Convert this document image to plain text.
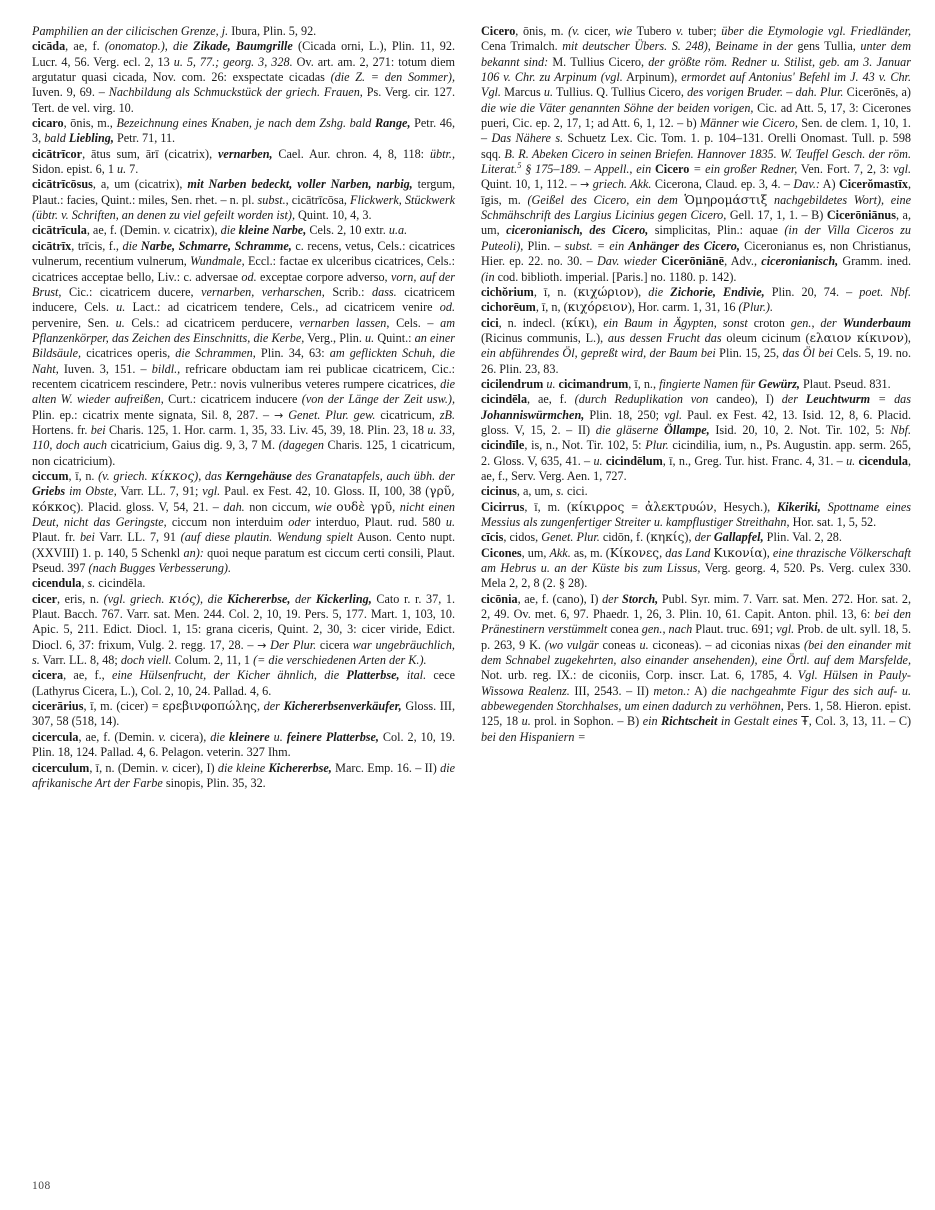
Pamphilien an der cilicischen Grenze, j. Ibura, Plin. 5, 92.

cicāda, ae, f. (onomatop.), die Zikade, Baumgrille (Cicada orni, L.), Plin. 11, 92. Lucr. 4, 56. Verg. ecl. 2, 13 u. 5, 77.; georg. 3, 328. Ov. art. am. 2, 271: totum diem argutatur quasi cicada, Nov. com. 26: exspectate cicadas (die Z. = den Sommer), Iuven. 9, 69. – Nachbildung als Schmuckstück der griech. Frauen, Ps. Verg. cir. 127. Tert. de vel. virg. 10.

cicaro, ōnis, m., Bezeichnung eines Knaben, je nach dem Zshg. bald Range, Petr. 46, 3, bald Liebling, Petr. 71, 11.

cicātrīcor, ātus sum, ārī (cicatrix), vernarben, Cael. Aur. chron. 4, 8, 118: übtr., Sidon. epist. 6, 1 u. 7.

cicātrīcōsus, a, um (cicatrix), mit Narben bedeckt, voller Narben, narbig, tergum, Plaut.: facies, Quint.: miles, Sen. rhet. – n. pl. subst., cicātrīcōsa, Flickwerk, Stückwerk (übtr. v. Schriften, an denen zu viel gefeilt worden ist), Quint. 10, 4, 3.

cicātrīcula, ae, f. (Demin. v. cicatrix), die kleine Narbe, Cels. 2, 10 extr. u.a.

cicātrīx, trīcis, f., die Narbe, Schmarre, Schramme, c. recens, vetus, Cels.: cicatrices vulnerum, recentium vulnerum, Wundmale, Eccl.: factae ex ulceribus cicatrices, Cels.: cicatrices acceptae bello, Liv.: c. adversae od. exceptae corpore adverso, vorn, auf der Brust, Cic.: cicatricem ducere, vernarben, verharschen, Scrib.: dass. cicatricem inducere, Cels. u. Lact.: ad cicatricem tendere, Cels., ad cicatricem venire od. pervenire, Sen. u. Cels.: ad cicatricem perducere, vernarben lassen, Cels. – am Pflanzenkörper, das Zeichen des Einschnitts, die Kerbe, Verg., Plin. u. Quint.: an einer Bildsäule, cicatrices operis, die Schrammen, Plin. 34, 63: am geflickten Schuh, die Naht, Iuven. 3, 151. – bildl., refricare obductam iam rei publicae cicatricem, Cic.: recentem cicatricem rescindere, Petr.: novis vulneribus veteres rumpere cicatrices, die alten W. wieder aufreißen, Curt.: cicatricem inducere (von der Länge der Zeit usw.), Plin. ep.: cicatrix mente signata, Sil. 8, 287. – → Genet. Plur. gew. cicatricum, zB. Hortens. fr. bei Charis. 125, 1. Hor. carm. 1, 35, 33. Liv. 45, 39, 18. Plin. 23, 18 u. 33, 110, doch auch cicatricium, Gaius dig. 9, 3, 7 M. (dagegen Charis. 125, 1 cicatricum, non cicatricium).

ciccum, ī, n. (v. griech. κίκκος), das Kerngehäuse des Granatapfels, auch übh. der Griebs im Obste, Varr. LL. 7, 91; vgl. Paul. ex Fest. 42, 10. Gloss. II, 100, 38 (γρῦ, κόκκος). Placid. gloss. V, 54, 21. – dah. non ciccum, wie ουδὲ γρῦ, nicht einen Deut, nicht das Geringste, ciccum non interduim oder interduo, Plaut. rud. 580 u. Plaut. fr. bei Varr. LL. 7, 91 (auf diese plautin. Wendung spielt Auson. Cento nupt. (XXVIII) 1. p. 140, 5 Schenkl an): quoi neque paratum est ciccum certi consili, Plaut. Pseud. 397 (nach Bugges Verbesserung).

cicendula, s. cicindēla.

cicer, eris, n. (vgl. griech. κιός), die Kichererbse, der Kickerling, Cato r. r. 37, 1. Plaut. Bacch. 767. Varr. sat. Men. 244. Col. 2, 10, 19. Pers. 5, 177. Mart. 1, 103, 10. Apic. 5, 211. Edict. Diocl. 1, 15: grana ciceris, Quint. 2, 30, 3: cicer viride, Edict. Diocl. 6, 37: frixum, Vulg. 2. regg. 17, 28. – → Der Plur. cicera war ungebräuchlich, s. Varr. LL. 8, 48; doch viell. Colum. 2, 11, 1 (= die verschiedenen Arten der K.).

cicera, ae, f., eine Hülsenfrucht, der Kicher ähnlich, die Platterbse, ital. cece (Lathyrus Cicera, L.), Col. 2, 10, 24. Pallad. 4, 6.

cicerārius, ī, m. (cicer) = ερεβινφοπώλης, der Kichererbsenverkäufer, Gloss. III, 307, 58 (518, 14).

cicercula, ae, f. (Demin. v. cicera), die kleinere u. feinere Platterbse, Col. 2, 10, 19. Plin. 18, 124. Pallad. 4, 6. Pelagon. veterin. 327 Ihm.

cicerculum, ī, n. (Demin. v. cicer), I) die kleine Kichererbse, Marc. Emp. 16. – II) die afrikanische Art der Farbe sinopis, Plin. 35, 32.

Cicero, ōnis, m. (v. cicer, wie Tubero v. tuber; über die Etymologie vgl. Friedländer, Cena Trimalch. mit deutscher Übers. S. 248), Beiname in der gens Tullia, unter dem bekannt sind: M. Tullius Cicero, der größte röm. Redner u. Stilist, geb. am 3. Januar 106 v. Chr. zu Arpinum (vgl. Arpinum), ermordet auf Antonius' Befehl im J. 43 v. Chr. Vgl. Marcus u. Tullius. Q. Tullius Cicero, des vorigen Bruder. – dah. Plur. Cicerōnēs, a) die wie die Väter genannten Söhne der beiden vorigen, Cic. ad Att. 5, 17, 3: Cicerones pueri, Cic. ep. 2, 17, 1; ad Att. 6, 1, 12. – b) Männer wie Cicero, Sen. de clem. 1, 10, 1. – Das Nähere s. Schuetz Lex. Cic. Tom. 1. p. 104–131. Orelli Onomast. Tull. p. 598 sqq. B. R. Abeken Cicero in seinen Briefen. Hannover 1835. W. Teuffel Gesch. der röm. Literat.$^5$ § 175–189. – Appell., ein Cicero = ein großer Redner, Ven. Fort. 7, 2, 3: vgl. Quint. 10, 1, 112. – → griech. Akk. Cicerona, Claud. ep. 3, 4. – Dav.: A) Cicerŏmastīx, īgis, m. (Geißel des Cicero, ein dem Ὁμηρομάστιξ nachgebildetes Wort), eine Schmähschrift des Largius Licinius gegen Cicero, Gell. 17, 1, 1. – B) Cicerōniānus, a, um, ciceronianisch, des Cicero, simplicitas, Plin.: aquae (in der Villa Ciceros zu Puteoli), Plin. – subst. = ein Anhänger des Cicero, Ciceronianus es, non Christianus, Hier. ep. 22. no. 30. – Dav. wieder Cicerōniānē, Adv., ciceronianisch, Gramm. ined. (in cod. biblioth. imperial. [Paris.] no. 1180. p. 142).

cichŏrium, ī, n. (κιχώριον), die Zichorie, Endivie, Plin. 20, 74. – poet. Nbf. cichorēum, ī, n, (κιχόρειον), Hor. carm. 1, 31, 16 (Plur.).

cici, n. indecl. (κίκι), ein Baum in Ägypten, sonst croton gen., der Wunderbaum (Ricinus communis, L.), aus dessen Frucht das oleum cicinum (ελαιον κίκινον), ein abführendes Öl, gepreßt wird, der Baum bei Plin. 15, 25, das Öl bei Cels. 5, 19. no. 26. Plin. 23, 83.

cicilendrum u. cicimandrum, ī, n., fingierte Namen für Gewürz, Plaut. Pseud. 831.

cicindēla, ae, f. (durch Reduplikation von candeo), I) der Leuchtwurm = das Johanniswürmchen, Plin. 18, 250; vgl. Paul. ex Fest. 42, 13. Isid. 12, 8, 6. Placid. gloss. V, 15, 2. – II) die gläserne Öllampe, Isid. 20, 10, 2. Not. Tir. 102, 5: Nbf. cicindīle, is, n., Not. Tir. 102, 5: Plur. cicindilia, ium, n., Ps. Augustin. app. serm. 265, 2. Gloss. V, 635, 41. – u. cicindēlum, ī, n., Greg. Tur. hist. Franc. 4, 31. – u. cicendula, ae, f., Serv. Verg. Aen. 1, 727.

cicinus, a, um, s. cici.

Cicirrus, ī, m. (κίκιρρος = ἀλεκτρυών, Hesych.), Kikeriki, Spottname eines Messius als zungenfertiger Streiter u. kampflustiger Streithahn, Hor. sat. 1, 5, 52.

cīcis, cidos, Genet. Plur. cidōn, f. (κηκίς), der Gallapfel, Plin. Val. 2, 28.

Cicones, um, Akk. as, m. (Κίκονες, das Land Κικονία), eine thrazische Völkerschaft am Hebrus u. an der Küste bis zum Lissus, Verg. georg. 4, 520. Ps. Verg. culex 330. Mela 2, 2, 8 (2. § 28).

cicōnia, ae, f. (cano), I) der Storch, Publ. Syr. mim. 7. Varr. sat. Men. 272. Hor. sat. 2, 2, 49. Ov. met. 6, 97. Phaedr. 1, 26, 3. Plin. 10, 61. Capit. Anton. phil. 13, 6: bei den Pränestinern verstümmelt conea gen., nach Plaut. truc. 691; vgl. Prob. de ult. syll. 18, 5. p. 263, 9 K. (wo vulgär coneas u. ciconeas). – ad ciconias nixas (bei den einander mit dem Schnabel zugekehrten, also einander ansehenden), eine Örtl. auf dem Marsfelde, Not. urb. reg. IX.: de ciconiis, Corp. inscr. Lat. 6, 1785, 4. Vgl. Hülsen in Pauly-Wissowa Realenz. III, 2543. – II) meton.: A) die nachgeahmte Figur des sich auf- u. abbewegenden Storchhalses, um einen dadurch zu verhöhnen, Pers. 1, 58. Hieron. epist. 125, 18 u. prol. in Sophon. – B) ein Richtscheit in Gestalt eines Ŧ, Col. 3, 13, 11. – C) bei den Hispaniern =

108
